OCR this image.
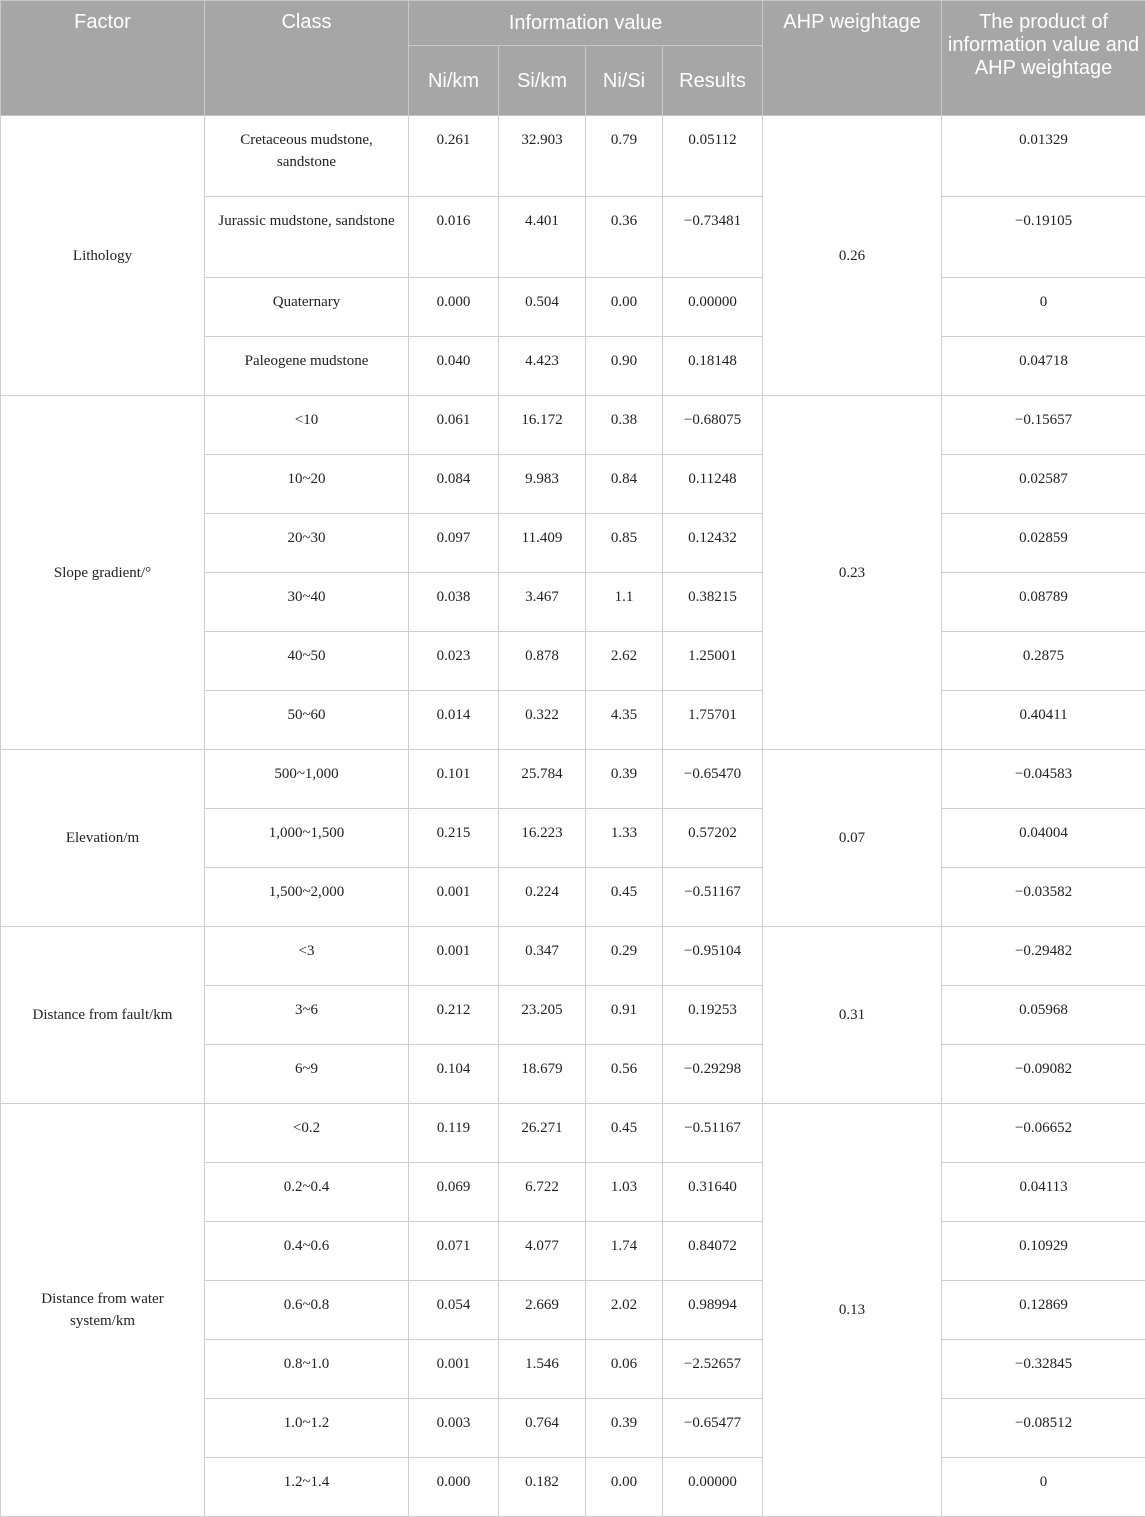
Factor	Class	Information value				AHP weightage	The product of information value and AHP weightage
		Ni/km	Si/km	Ni/Si	Results		
Lithology	Cretaceous mudstone, sandstone	0.261	32.903	0.79	0.05112	0.26	0.01329
	Jurassic mudstone, sandstone	0.016	4.401	0.36	−0.73481		−0.19105
	Quaternary	0.000	0.504	0.00	0.00000		0
	Paleogene mudstone	0.040	4.423	0.90	0.18148		0.04718
Slope gradient/°	<10	0.061	16.172	0.38	−0.68075	0.23	−0.15657
	10~20	0.084	9.983	0.84	0.11248		0.02587
	20~30	0.097	11.409	0.85	0.12432		0.02859
	30~40	0.038	3.467	1.1	0.38215		0.08789
	40~50	0.023	0.878	2.62	1.25001		0.2875
	50~60	0.014	0.322	4.35	1.75701		0.40411
Elevation/m	500~1,000	0.101	25.784	0.39	−0.65470	0.07	−0.04583
	1,000~1,500	0.215	16.223	1.33	0.57202		0.04004
	1,500~2,000	0.001	0.224	0.45	−0.51167		−0.03582
Distance from fault/km	<3	0.001	0.347	0.29	−0.95104	0.31	−0.29482
	3~6	0.212	23.205	0.91	0.19253		0.05968
	6~9	0.104	18.679	0.56	−0.29298		−0.09082
Distance from water system/km	<0.2	0.119	26.271	0.45	−0.51167	0.13	−0.06652
	0.2~0.4	0.069	6.722	1.03	0.31640		0.04113
	0.4~0.6	0.071	4.077	1.74	0.84072		0.10929
	0.6~0.8	0.054	2.669	2.02	0.98994		0.12869
	0.8~1.0	0.001	1.546	0.06	−2.52657		−0.32845
	1.0~1.2	0.003	0.764	0.39	−0.65477		−0.08512
	1.2~1.4	0.000	0.182	0.00	0.00000		0
